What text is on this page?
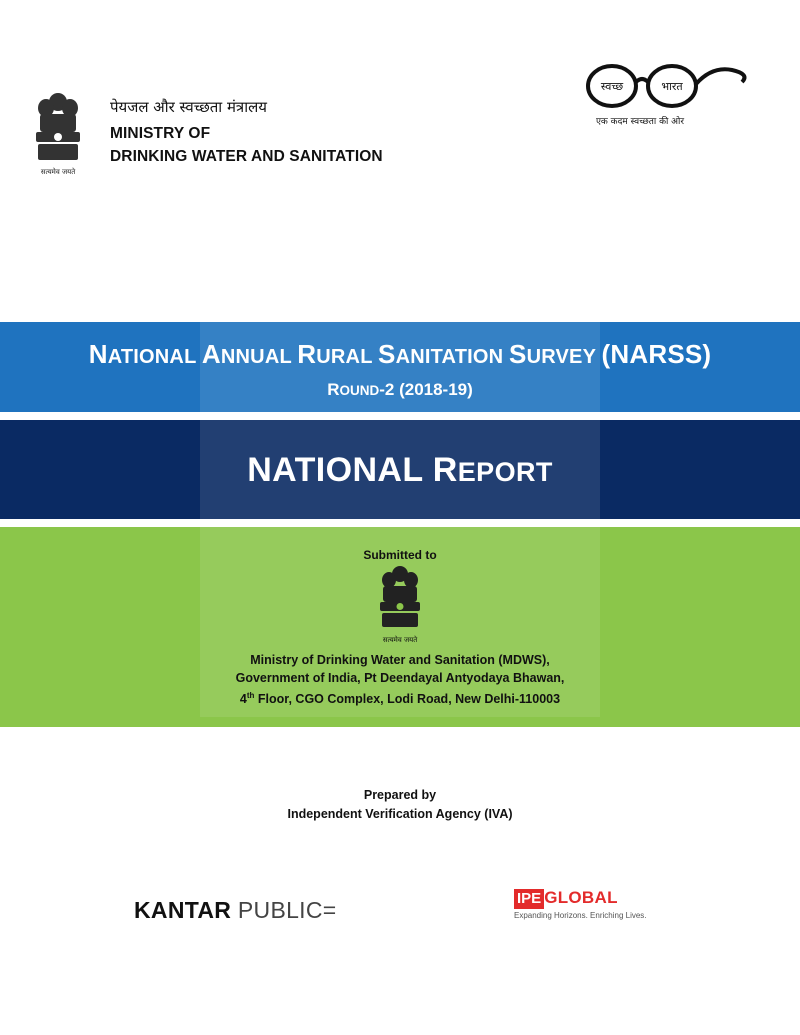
सत्यमेव जयते
पेयजल और स्वच्छता मंत्रालय
MINISTRY OF
DRINKING WATER AND SANITATION
स्वच्छ	भारत
एक कदम स्वच्छता की ओर
NATIONAL ANNUAL RURAL SANITATION SURVEY (NARSS)
ROUND-2 (2018-19)
NATIONAL REPORT
Submitted to
सत्यमेव जयते
Ministry of Drinking Water and Sanitation (MDWS),
Government of India, Pt Deendayal Antyodaya Bhawan,
4th Floor, CGO Complex, Lodi Road, New Delhi-110003
Prepared by
Independent Verification Agency (IVA)
KANTAR PUBLIC=	IPE GLOBAL
Expanding Horizons. Enriching Lives.
